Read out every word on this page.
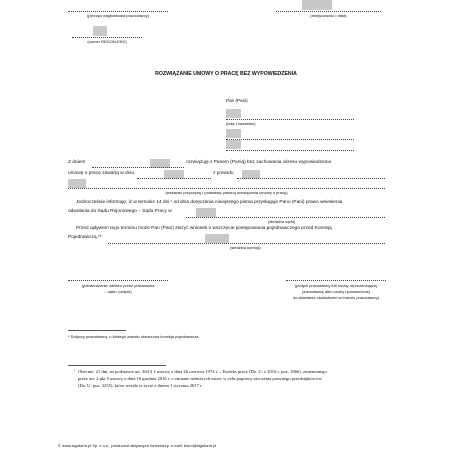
(pieczęć nagłówkowa pracodawcy)	(miejscowość i data)
(numer REGON-EKD)
ROZWIĄZANIE UMOWY O PRACĘ BEZ WYPOWIEDZENIA
Pan (Pani)
(imię i nazwisko)
Z dniem	rozwiązuję z Panem (Panią) bez zachowania okresu wypowiedzenia
umowę o pracę zawartą w dniu	z powodu
(wskazać przyczynę i podstawę prawną rozwiązania umowy o pracę)
Jednocześnie informuję, iż w terminie 14 dni ¹ od dnia doręczenia niniejszego pisma przysługuje Panu (Pani) prawo wniesienia
odwołania do Sądu Rejonowego – Sądu Pracy w
(siedziba sądu)
Przed upływem tego terminu może Pan (Pani) złożyć wniosek o wszczęcie postępowania pojednawczego przed Komisją
Pojednawczą.**
(siedziba komisji)
(potwierdzenie odbioru przez pracownika
– data i podpis)
(podpis pracodawcy lub osoby reprezentującej
pracodawcę albo osoby upoważnionej
do składania oświadczeń w imieniu pracodawcy)
* Dotyczy pracodawcy, u którego zostało utworzona komisja pojednawcza.
¹ Obecnie: 21 dni, na podstawie art. 264 § 1 ustawy z dnia 26 czerwca 1974 r. – Kodeks pracy (Dz. U. z 2016 r. poz. 1666), zmienionego
przez art. 2 pkt 5 ustawy z dnia 16 grudnia 2016 r. o zmianie niektórych ustaw w celu poprawy otoczenia prawnego przedsiębiorców
(Dz. U. poz. 2255), która weszła w życie z dniem 1 stycznia 2017 r.
© www.signform.pl Sp. z o.o., producent aktywnych formularzy, e-mail: biuro@signform.pl
